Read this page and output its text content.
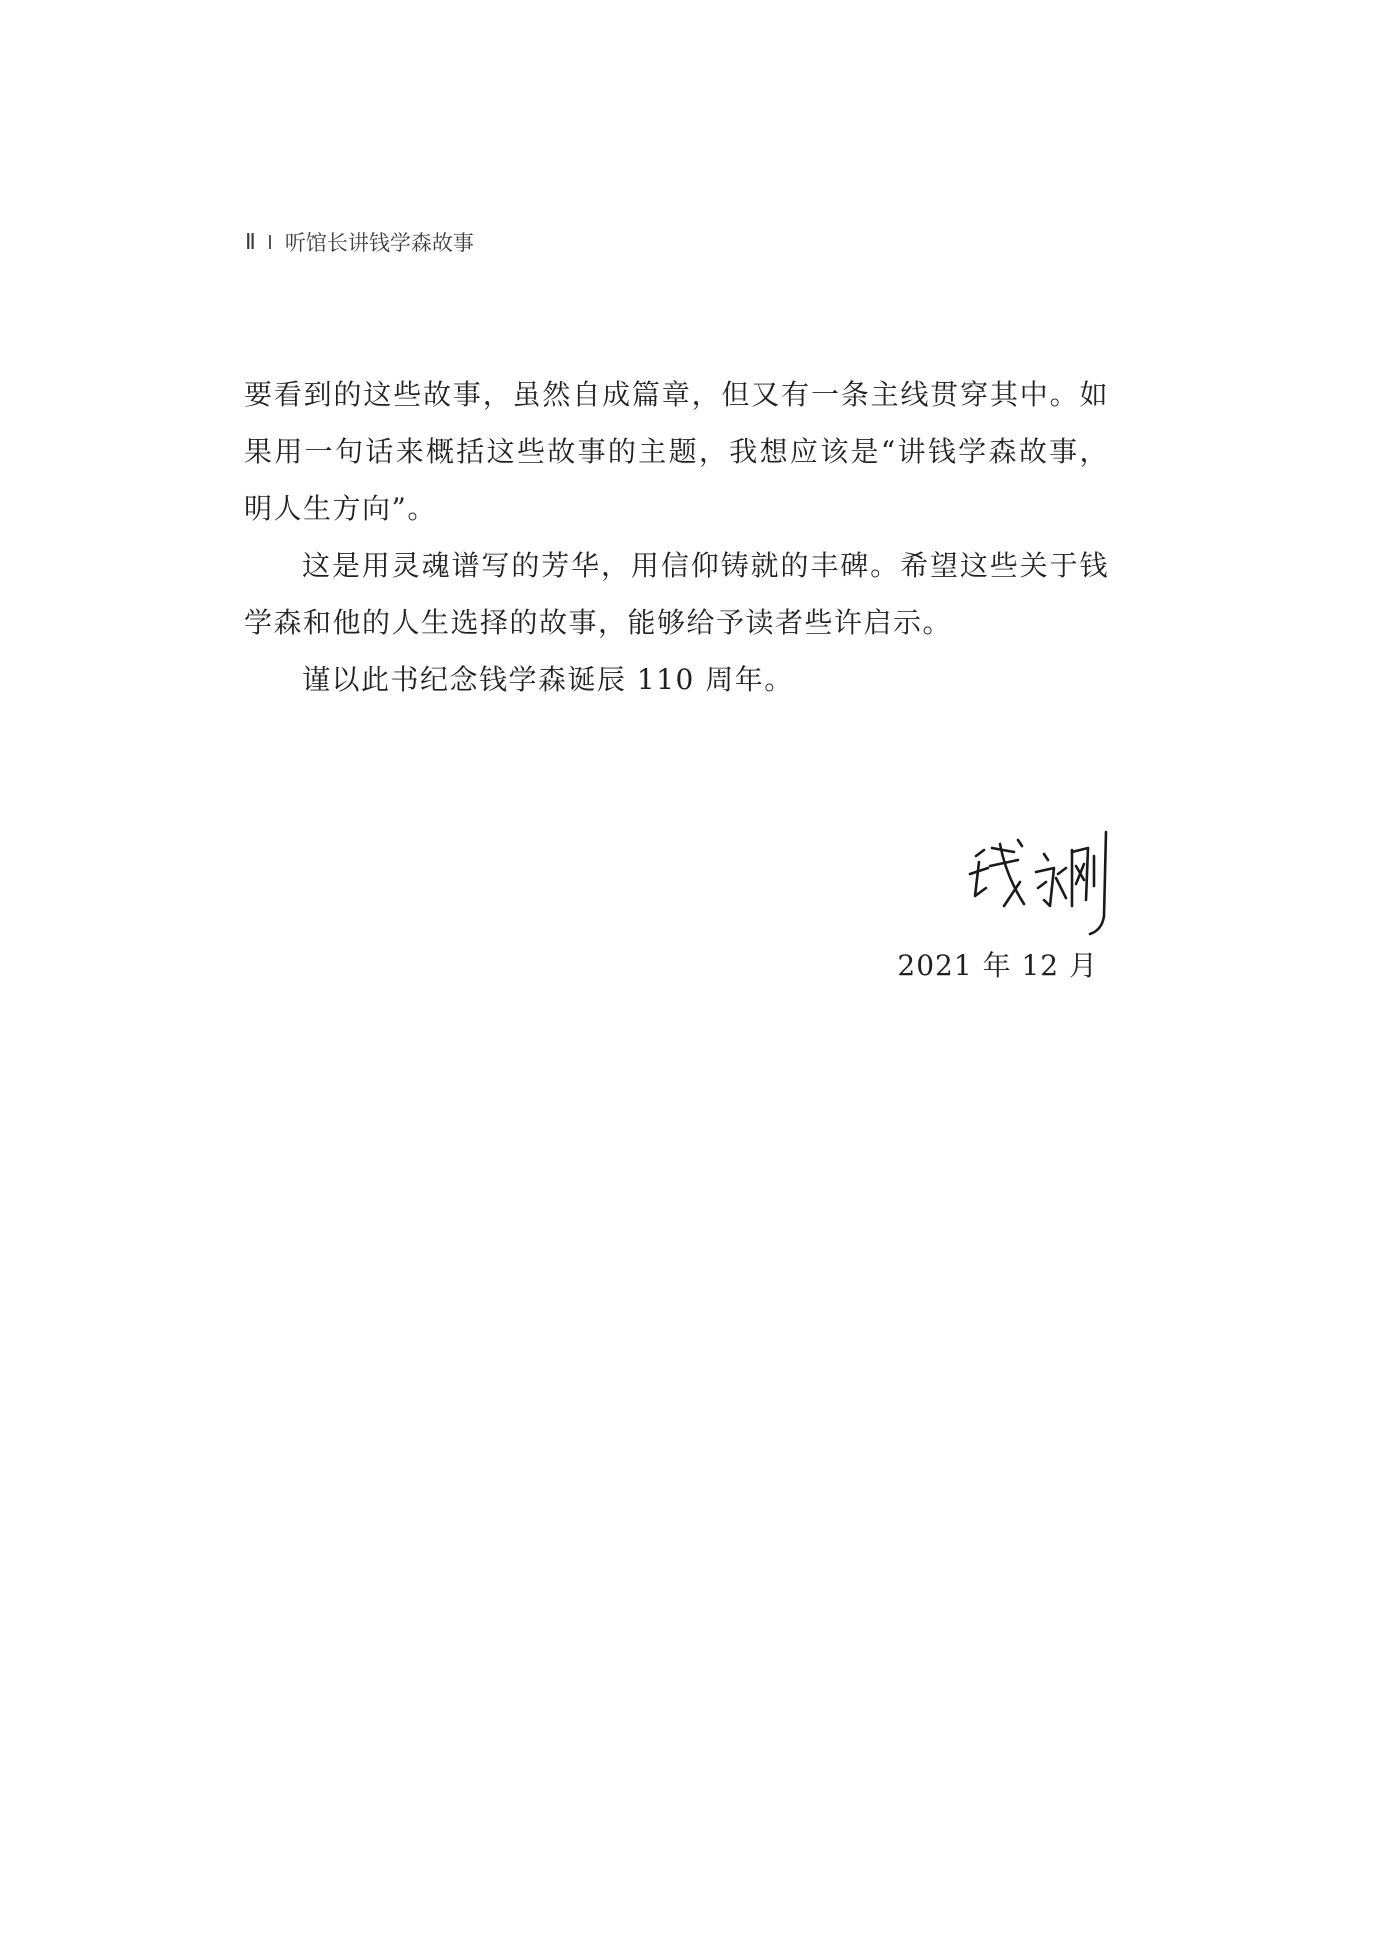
Ⅱ 听馆长讲钱学森故事

要看到的这些故事，虽然自成篇章，但又有一条主线贯穿其中。如
果用一句话来概括这些故事的主题，我想应该是“讲钱学森故事，
明人生方向”。

这是用灵魂谱写的芳华，用信仰铸就的丰碑。希望这些关于钱
学森和他的人生选择的故事，能够给予读者些许启示。

谨以此书纪念钱学森诞辰 110 周年。

2021 年 12 月
